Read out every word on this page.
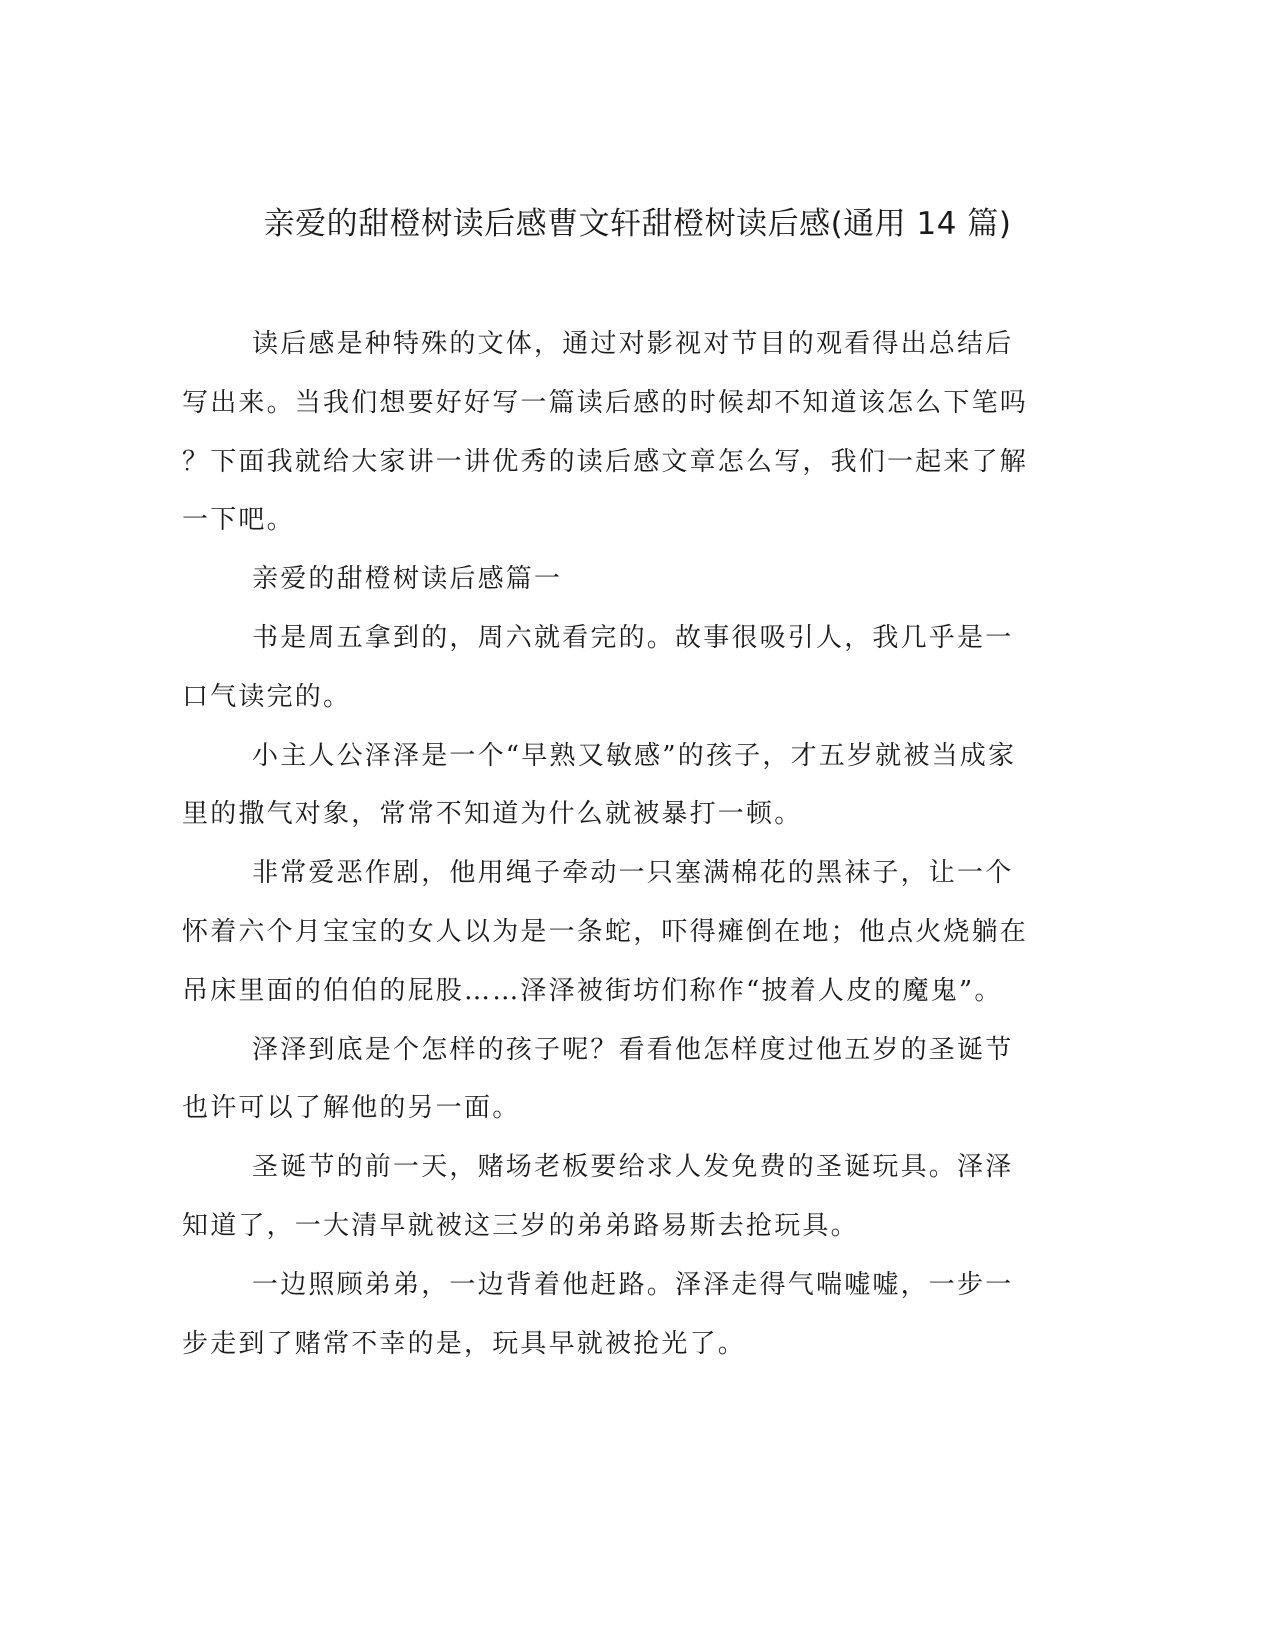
亲爱的甜橙树读后感曹文轩甜橙树读后感(通用 14 篇)

读后感是种特殊的文体，通过对影视对节目的观看得出总结后写出来。当我们想要好好写一篇读后感的时候却不知道该怎么下笔吗？下面我就给大家讲一讲优秀的读后感文章怎么写，我们一起来了解一下吧。

亲爱的甜橙树读后感篇一

书是周五拿到的，周六就看完的。故事很吸引人，我几乎是一口气读完的。

小主人公泽泽是一个“早熟又敏感”的孩子，才五岁就被当成家里的撒气对象，常常不知道为什么就被暴打一顿。

非常爱恶作剧，他用绳子牵动一只塞满棉花的黑袜子，让一个怀着六个月宝宝的女人以为是一条蛇，吓得瘫倒在地；他点火烧躺在吊床里面的伯伯的屁股……泽泽被街坊们称作“披着人皮的魔鬼”。

泽泽到底是个怎样的孩子呢？看看他怎样度过他五岁的圣诞节也许可以了解他的另一面。

圣诞节的前一天，赌场老板要给求人发免费的圣诞玩具。泽泽知道了，一大清早就被这三岁的弟弟路易斯去抢玩具。

一边照顾弟弟，一边背着他赶路。泽泽走得气喘嘘嘘，一步一步走到了赌常不幸的是，玩具早就被抢光了。
